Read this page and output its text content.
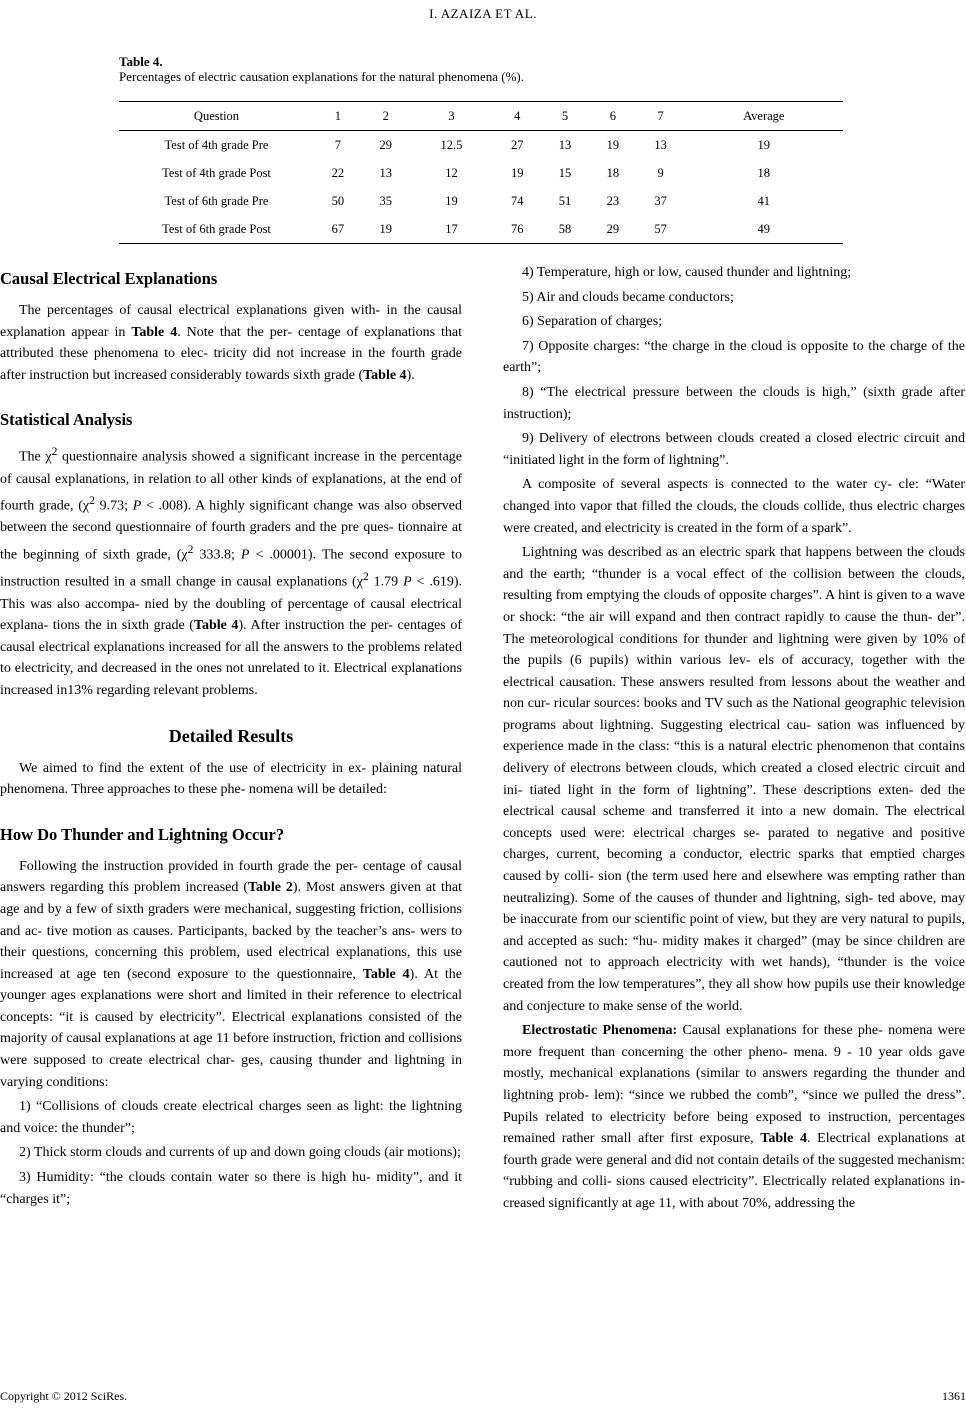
I. AZAIZA ET AL.
Table 4.
Percentages of electric causation explanations for the natural phenomena (%).
Question	1	2	3	4	5	6	7	Average
Test of 4th grade Pre	7	29	12.5	27	13	19	13	19
Test of 4th grade Post	22	13	12	19	15	18	9	18
Test of 6th grade Pre	50	35	19	74	51	23	37	41
Test of 6th grade Post	67	19	17	76	58	29	57	49
Causal Electrical Explanations

The percentages of causal electrical explanations given with- in the causal explanation appear in Table 4. Note that the per- centage of explanations that attributed these phenomena to elec- tricity did not increase in the fourth grade after instruction but increased considerably towards sixth grade (Table 4).

Statistical Analysis

The $\chi^2$ questionnaire analysis showed a significant increase in the percentage of causal explanations, in relation to all other kinds of explanations, at the end of fourth grade, ($\chi^2$ 9.73; P < .008). A highly significant change was also observed between the second questionnaire of fourth graders and the pre ques- tionnaire at the beginning of sixth grade, ($\chi^2$ 333.8; P < .00001). The second exposure to instruction resulted in a small change in causal explanations ($\chi^2$ 1.79 P < .619). This was also accompa- nied by the doubling of percentage of causal electrical explana- tions the in sixth grade (Table 4). After instruction the per- centages of causal electrical explanations increased for all the answers to the problems related to electricity, and decreased in the ones not unrelated to it. Electrical explanations increased in13% regarding relevant problems.

Detailed Results

We aimed to find the extent of the use of electricity in ex- plaining natural phenomena. Three approaches to these phe- nomena will be detailed:

How Do Thunder and Lightning Occur?

Following the instruction provided in fourth grade the per- centage of causal answers regarding this problem increased (Table 2). Most answers given at that age and by a few of sixth graders were mechanical, suggesting friction, collisions and ac- tive motion as causes. Participants, backed by the teacher’s ans- wers to their questions, concerning this problem, used electrical explanations, this use increased at age ten (second exposure to the questionnaire, Table 4). At the younger ages explanations were short and limited in their reference to electrical concepts: “it is caused by electricity”. Electrical explanations consisted of the majority of causal explanations at age 11 before instruction, friction and collisions were supposed to create electrical char- ges, causing thunder and lightning in varying conditions:

1) “Collisions of clouds create electrical charges seen as light: the lightning and voice: the thunder”;

2) Thick storm clouds and currents of up and down going clouds (air motions);

3) Humidity: “the clouds contain water so there is high hu- midity”, and it “charges it”;

4) Temperature, high or low, caused thunder and lightning;

5) Air and clouds became conductors;

6) Separation of charges;

7) Opposite charges: “the charge in the cloud is opposite to the charge of the earth”;

8) “The electrical pressure between the clouds is high,” (sixth grade after instruction);

9) Delivery of electrons between clouds created a closed electric circuit and “initiated light in the form of lightning”.

A composite of several aspects is connected to the water cy- cle: “Water changed into vapor that filled the clouds, the clouds collide, thus electric charges were created, and electricity is created in the form of a spark”.

Lightning was described as an electric spark that happens between the clouds and the earth; “thunder is a vocal effect of the collision between the clouds, resulting from emptying the clouds of opposite charges”. A hint is given to a wave or shock: “the air will expand and then contract rapidly to cause the thun- der”. The meteorological conditions for thunder and lightning were given by 10% of the pupils (6 pupils) within various lev- els of accuracy, together with the electrical causation. These answers resulted from lessons about the weather and non cur- ricular sources: books and TV such as the National geographic television programs about lightning. Suggesting electrical cau- sation was influenced by experience made in the class: “this is a natural electric phenomenon that contains delivery of electrons between clouds, which created a closed electric circuit and ini- tiated light in the form of lightning”. These descriptions exten- ded the electrical causal scheme and transferred it into a new domain. The electrical concepts used were: electrical charges se- parated to negative and positive charges, current, becoming a conductor, electric sparks that emptied charges caused by colli- sion (the term used here and elsewhere was empting rather than neutralizing). Some of the causes of thunder and lightning, sigh- ted above, may be inaccurate from our scientific point of view, but they are very natural to pupils, and accepted as such: “hu- midity makes it charged” (may be since children are cautioned not to approach electricity with wet hands), “thunder is the voice created from the low temperatures”, they all show how pupils use their knowledge and conjecture to make sense of the world.

Electrostatic Phenomena: Causal explanations for these phe- nomena were more frequent than concerning the other pheno- mena. 9 - 10 year olds gave mostly, mechanical explanations (similar to answers regarding the thunder and lightning prob- lem): “since we rubbed the comb”, “since we pulled the dress”. Pupils related to electricity before being exposed to instruction, percentages remained rather small after first exposure, Table 4. Electrical explanations at fourth grade were general and did not contain details of the suggested mechanism: “rubbing and colli- sions caused electricity”. Electrically related explanations in- creased significantly at age 11, with about 70%, addressing the

Copyright © 2012 SciRes.	1361
